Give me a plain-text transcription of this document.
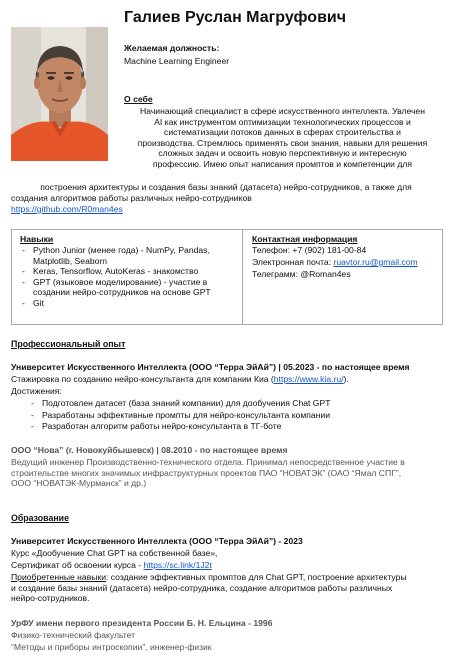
Галиев Руслан Магруфович
Желаемая должность:
Machine Learning Engineer
О себе
Начинающий специалист в сфере искусственного интеллекта. Увлечен
AI как инструментом оптимизации технологических процессов и
систематизации потоков данных в сферах строительства и
производства. Стремлюсь применять свои знания, навыки для решения
сложных задач и освоить новую перспективную и интересную
профессию. Имею опыт написания промптов и компетенции для
построения архитектуры и создания базы знаний (датасета) нейро-сотрудников, а также для
создания алгоритмов работы различных нейро-сотрудников
https://github.com/R0man4es
Навыки
- Python Junior (менее года) - NumPy, Pandas, Matplotlib, Seaborn
- Keras, Tensorflow, AutoKeras - знакомство
- GPT (языковое моделирование) - участие в создании нейро-сотрудников на основе GPT
- Git
Контактная информация
Телефон: +7 (902) 181-00-84
Электронная почта: ruavtor.ru@gmail.com
Телеграмм: @Roman4es
Профессиональный опыт
Университет Искусственного Интеллекта (ООО “Терра ЭйАй”) | 05.2023 - по настоящее время
Стажировка по созданию нейро-консультанта для компании Киа (https://www.kia.ru/).
Достижения:
- Подготовлен датасет (база знаний компании) для дообучения Chat GPT
- Разработаны эффективные промпты для нейро-консультанта компании
- Разработан алгоритм работы нейро-консультанта в ТГ-боте
ООО “Нова” (г. Новокуйбышевск) | 08.2010 - по настоящее время
Ведущий инженер Производственно-технического отдела. Принимал непосредственное участие в
строительстве многих значимых инфраструктурных проектов ПАО “НОВАТЭК” (ОАО “Ямал СПГ”,
ООО “НОВАТЭК-Мурманск” и др.)
Образование
Университет Искусственного Интеллекта (ООО “Терра ЭйАй”) - 2023
Курс «Дообучение Chat GPT на собственной базе»,
Сертификат об освоении курса - https://sc.link/1J2t
Приобретенные навыки: создание эффективных промптов для Chat GPT, построение архитектуры
и создание базы знаний (датасета) нейро-сотрудника, создание алгоритмов работы различных
нейро-сотрудников.
УрФУ имени первого президента России Б. Н. Ельцина - 1996
Физико-технический факультет
“Методы и приборы интроскопии”, инженер-физик
